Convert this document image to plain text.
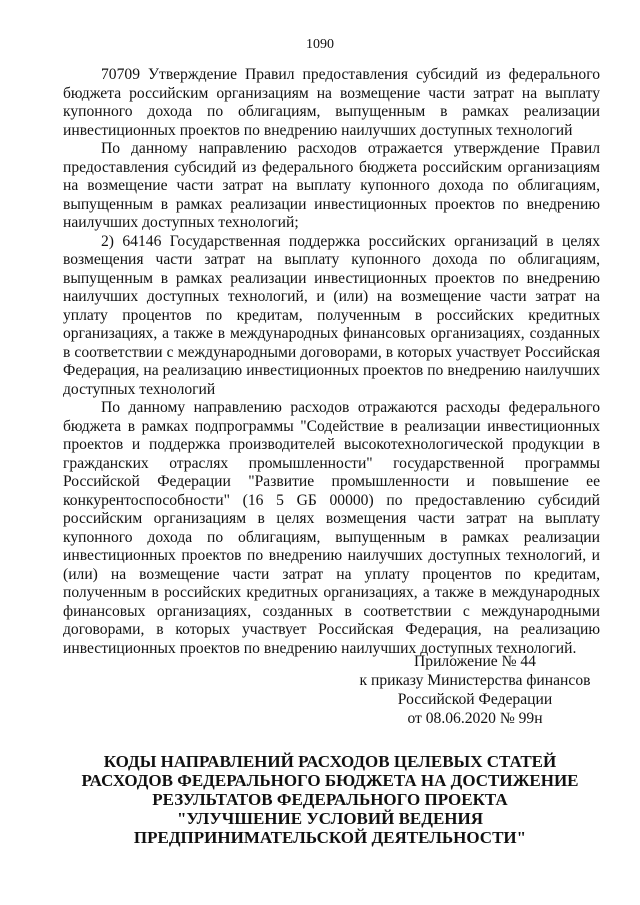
1090

70709 Утверждение Правил предоставления субсидий из федерального бюджета российским организациям на возмещение части затрат на выплату купонного дохода по облигациям, выпущенным в рамках реализации инвестиционных проектов по внедрению наилучших доступных технологий

По данному направлению расходов отражается утверждение Правил предоставления субсидий из федерального бюджета российским организациям на возмещение части затрат на выплату купонного дохода по облигациям, выпущенным в рамках реализации инвестиционных проектов по внедрению наилучших доступных технологий;

2) 64146 Государственная поддержка российских организаций в целях возмещения части затрат на выплату купонного дохода по облигациям, выпущенным в рамках реализации инвестиционных проектов по внедрению наилучших доступных технологий, и (или) на возмещение части затрат на уплату процентов по кредитам, полученным в российских кредитных организациях, а также в международных финансовых организациях, созданных в соответствии с международными договорами, в которых участвует Российская Федерация, на реализацию инвестиционных проектов по внедрению наилучших доступных технологий

По данному направлению расходов отражаются расходы федерального бюджета в рамках подпрограммы "Содействие в реализации инвестиционных проектов и поддержка производителей высокотехнологической продукции в гражданских отраслях промышленности" государственной программы Российской Федерации "Развитие промышленности и повышение ее конкурентоспособности" (16 5 GБ 00000) по предоставлению субсидий российским организациям в целях возмещения части затрат на выплату купонного дохода по облигациям, выпущенным в рамках реализации инвестиционных проектов по внедрению наилучших доступных технологий, и (или) на возмещение части затрат на уплату процентов по кредитам, полученным в российских кредитных организациях, а также в международных финансовых организациях, созданных в соответствии с международными договорами, в которых участвует Российская Федерация, на реализацию инвестиционных проектов по внедрению наилучших доступных технологий.

Приложение № 44
к приказу Министерства финансов
Российской Федерации
от 08.06.2020 № 99н
КОДЫ НАПРАВЛЕНИЙ РАСХОДОВ ЦЕЛЕВЫХ СТАТЕЙ
РАСХОДОВ ФЕДЕРАЛЬНОГО БЮДЖЕТА НА ДОСТИЖЕНИЕ
РЕЗУЛЬТАТОВ ФЕДЕРАЛЬНОГО ПРОЕКТА
"УЛУЧШЕНИЕ УСЛОВИЙ ВЕДЕНИЯ
ПРЕДПРИНИМАТЕЛЬСКОЙ ДЕЯТЕЛЬНОСТИ"
